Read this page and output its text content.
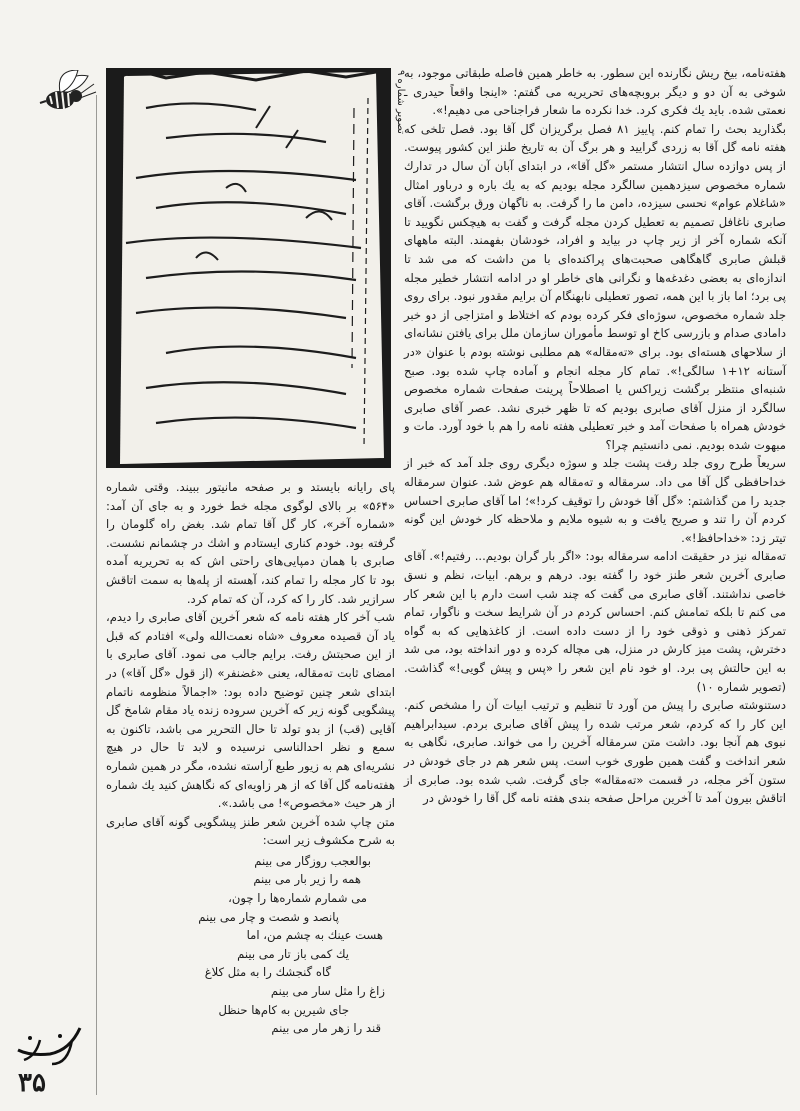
۳۵
تصویر شماره ۹

هفته‌نامه، بیخ ریش نگارنده این سطور. به خاطر همین فاصله طبقاتی موجود، به شوخی به آن دو و دیگر بروبچه‌های تحریریه می گفتم: «اینجا واقعاً حیدری ـ نعمتی شده. باید یك فكری كرد. خدا نكرده ما شعار فراجناحی می دهیم!».

بگذارید بحث را تمام كنم. پاییز ۸۱ فصل برگریزان گل آقا بود. فصل تلخی كه هفته نامه گل آقا به زردی گرایید و هر برگ آن به تاریخ طنز این كشور پیوست. از پس دوازده سال انتشار مستمر «گل آقا»، در ابتدای آبان آن سال در تدارك شماره مخصوص سیزدهمین سالگرد مجله بودیم كه به یك باره و درباور امثال «شاغلام عوام» نحسی سیزده، دامن ما را گرفت. به ناگهان ورق برگشت. آقای صابری ناغافل تصمیم به تعطیل كردن مجله گرفت و گفت به هیچكس نگویید تا آنكه شماره آخر از زیر چاپ در بیاید و افراد، خودشان بفهمند. البته ماههای قبلش صابری گاهگاهی صحبت‌های پراكنده‌ای با من داشت كه می شد تا اندازه‌ای به بعضی دغدغه‌ها و نگرانی های خاطر او در ادامه انتشار خطیر مجله پی برد؛ اما باز با این همه، تصور تعطیلی نابهنگام آن برایم مقدور نبود. برای روی جلد شماره مخصوص، سوژه‌ای فكر كرده بودم كه اختلاط و امتزاجی از دو خبر دامادی صدام و بازرسی كاخ او توسط مأموران سازمان ملل برای یافتن نشانه‌ای از سلاحهای هسته‌ای بود. برای «تەمقاله» هم مطلبی نوشته بودم با عنوان «در آستانه ۱۲+۱ سالگی!». تمام كار مجله انجام و آماده چاپ شده بود. صبح شنبه‌ای منتظر برگشت زیراكس یا اصطلاحاً پرینت صفحات شماره مخصوص سالگرد از منزل آقای صابری بودیم كه تا ظهر خبری نشد. عصر آقای صابری خودش همراه با صفحات آمد و خبر تعطیلی هفته نامه را هم با خود آورد. مات و مبهوت شده بودیم. نمی دانستیم چرا؟

سریعاً طرح روی جلد رفت پشت جلد و سوژه دیگری روی جلد آمد كه خبر از خداحافظی گل آقا می داد. سرمقاله و تەمقاله هم عوض شد. عنوان سرمقاله جدید را من گذاشتم: «گل آقا خودش را توقیف كرد!»؛ اما آقای صابری احساس كردم آن را تند و صریح یافت و به شیوه ملایم و ملاحظه كار خودش این گونه تیتر زد: «خداحافظ!».

تەمقاله نیز در حقیقت ادامه سرمقاله بود: «اگر بار گران بودیم... رفتیم!». آقای صابری آخرین شعر طنز خود را گفته بود. درهم و برهم. ابیات، نظم و نسق خاصی نداشتند. آقای صابری می گفت كه چند شب است دارم با این شعر كار می كنم تا بلكه تمامش كنم. احساس كردم در آن شرایط سخت و ناگوار، تمام تمركز ذهنی و ذوقی خود را از دست داده است. از كاغذهایی كه به گواه دخترش، پشت میز كارش در منزل، هی مچاله كرده و دور انداخته بود، می شد به این حالتش پی برد. او خود نام این شعر را «پس و پیش گویی!» گذاشت. (تصویر شماره ۱۰)

دستنوشته صابری را پیش من آورد تا تنظیم و ترتیب ابیات آن را مشخص كنم. این كار را كه كردم، شعر مرتب شده را پیش آقای صابری بردم. سیدابراهیم نبوی هم آنجا بود. داشت متن سرمقاله آخرین را می خواند. صابری، نگاهی به شعر انداخت و گفت همین طوری خوب است. پس شعر هم در جای خودش در ستون آخر مجله، در قسمت «تەمقاله» جای گرفت. شب شده بود. صابری از اتاقش بیرون آمد تا آخرین مراحل صفحه بندی هفته نامه گل آقا را خودش در

پای رایانه بایستد و بر صفحه مانیتور ببیند. وقتی شماره «۵۶۴» بر بالای لوگوی مجله خط خورد و به جای آن آمد: «شماره آخر»، كار گل آقا تمام شد. بغض راه گلومان را گرفته بود. خودم كناری ایستادم و اشك در چشمانم نشست. صابری با همان دمپایی‌های راحتی اش كه به تحریریه آمده بود تا كار مجله را تمام كند، آهسته از پله‌ها به سمت اتاقش سرازیر شد. كار را كه كرد، آن كه تمام كرد.

شب آخر كار هفته نامه كه شعر آخرین آقای صابری را دیدم، یاد آن قصیده معروف «شاه نعمت‌الله ولی» افتادم كه قبل از این صحبتش رفت. برایم جالب می نمود. آقای صابری با امضای ثابت تەمقاله، یعنی «غضنفر» (از قول «گل آقا») در ابتدای شعر چنین توضیح داده بود: «اجمالاً منظومه ناتمام پیشگویی گونه‌ زیر كه آخرین سروده زنده یاد مقام شامخ گل آقایی (قب) از بدو تولد تا حال التحریر می باشد، تاكنون به سمع و نظر احدالناسی نرسیده و لابد تا حال در هیچ نشریه‌ای هم به زیور طبع آراسته نشده، مگر در همین شماره هفته‌نامه گل آقا كه از هر زاویه‌ای كه نگاهش كنید یك شماره از هر حیث «مخصوص»! می باشد.».

متن چاپ شده آخرین شعر طنز پیشگویی گونه آقای صابری به شرح مكشوف زیر است:

بوالعجب روزگار می بینم
همه را زیر بار می بینم
می شمارم شماره‌ها را چون،
پانصد و شصت و چار می بینم
هست عینك به چشم من، اما
یك كمی باز تار می بینم
گاه گنجشك را به مثل كلاغ
زاغ را مثل سار می بینم
جای شیرین به كام‌ها حنظل
قند را زهر مار می بینم
